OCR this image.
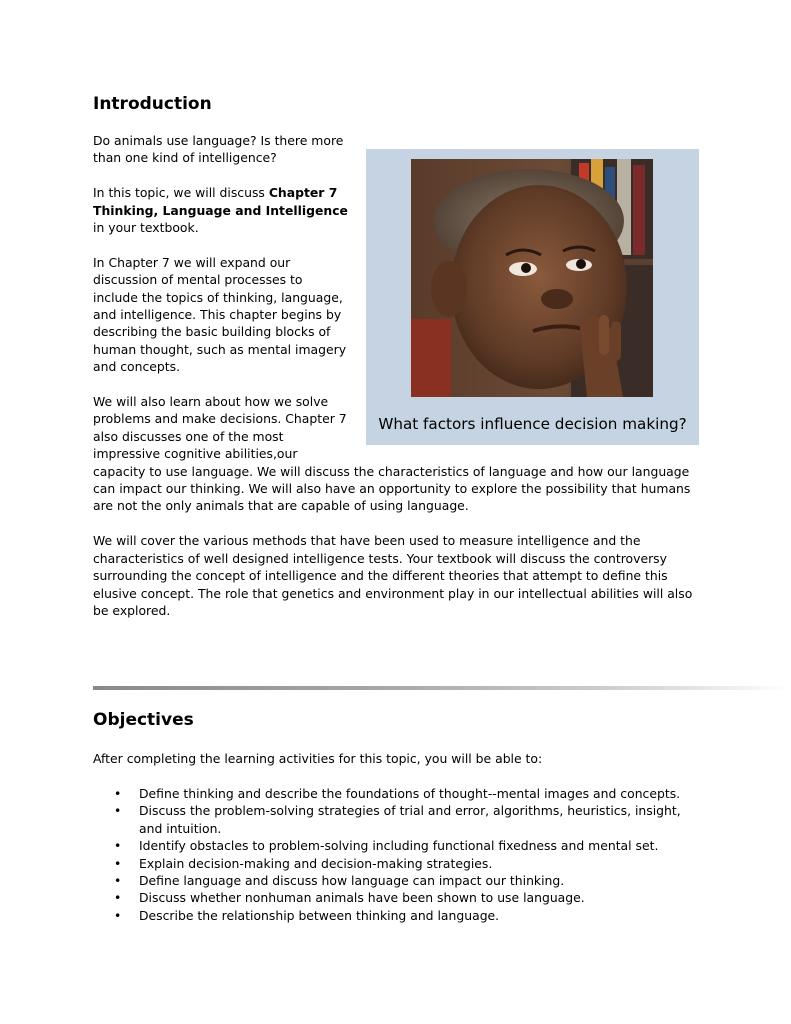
Introduction
What factors influence decision making?

Do animals use language? Is there more than one kind of intelligence?

In this topic, we will discuss Chapter 7 Thinking, Language and Intelligence in your textbook.

In Chapter 7 we will expand our discussion of mental processes to include the topics of thinking, language, and intelligence. This chapter begins by describing the basic building blocks of human thought, such as mental imagery and concepts.

We will also learn about how we solve problems and make decisions. Chapter 7 also discusses one of the most impressive cognitive abilities,our capacity to use language. We will discuss the characteristics of language and how our language can impact our thinking. We will also have an opportunity to explore the possibility that humans are not the only animals that are capable of using language.

We will cover the various methods that have been used to measure intelligence and the characteristics of well designed intelligence tests. Your textbook will discuss the controversy surrounding the concept of intelligence and the different theories that attempt to define this elusive concept. The role that genetics and environment play in our intellectual abilities will also be explored.

Objectives

After completing the learning activities for this topic, you will be able to:

• Define thinking and describe the foundations of thought--mental images and concepts.
• Discuss the problem-solving strategies of trial and error, algorithms, heuristics, insight, and intuition.
• Identify obstacles to problem-solving including functional fixedness and mental set.
• Explain decision-making and decision-making strategies.
• Define language and discuss how language can impact our thinking.
• Discuss whether nonhuman animals have been shown to use language.
• Describe the relationship between thinking and language.
